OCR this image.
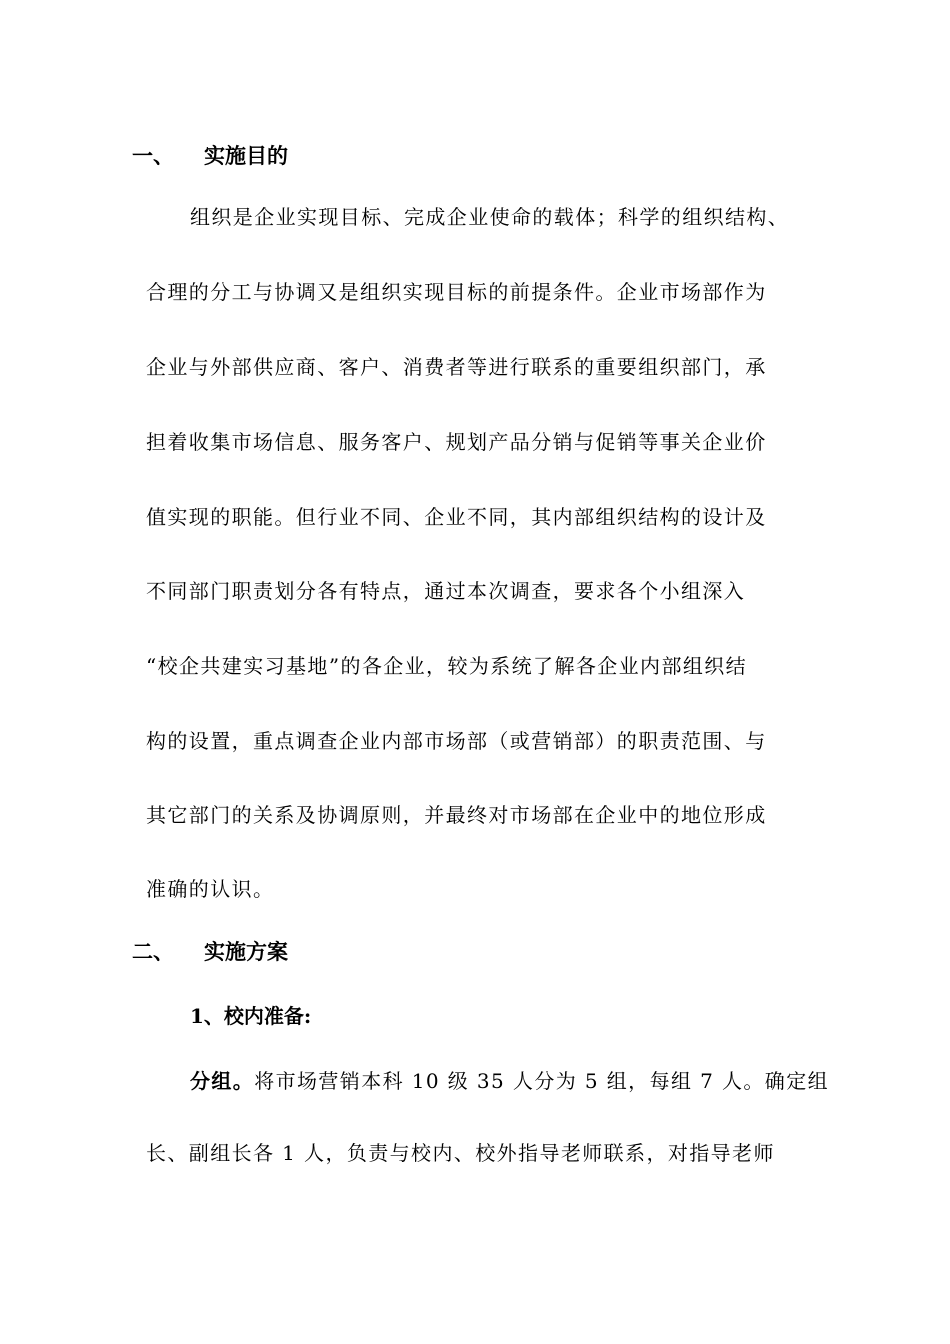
一、 实施目的
组织是企业实现目标、完成企业使命的载体；科学的组织结构、
合理的分工与协调又是组织实现目标的前提条件。企业市场部作为
企业与外部供应商、客户、消费者等进行联系的重要组织部门，承
担着收集市场信息、服务客户、规划产品分销与促销等事关企业价
值实现的职能。但行业不同、企业不同，其内部组织结构的设计及
不同部门职责划分各有特点，通过本次调查，要求各个小组深入
“校企共建实习基地”的各企业，较为系统了解各企业内部组织结
构的设置，重点调查企业内部市场部（或营销部）的职责范围、与
其它部门的关系及协调原则，并最终对市场部在企业中的地位形成
准确的认识。
二、 实施方案
1、校内准备:
分组。将市场营销本科 10 级 35 人分为 5 组，每组 7 人。确定组
长、副组长各 1 人，负责与校内、校外指导老师联系，对指导老师
